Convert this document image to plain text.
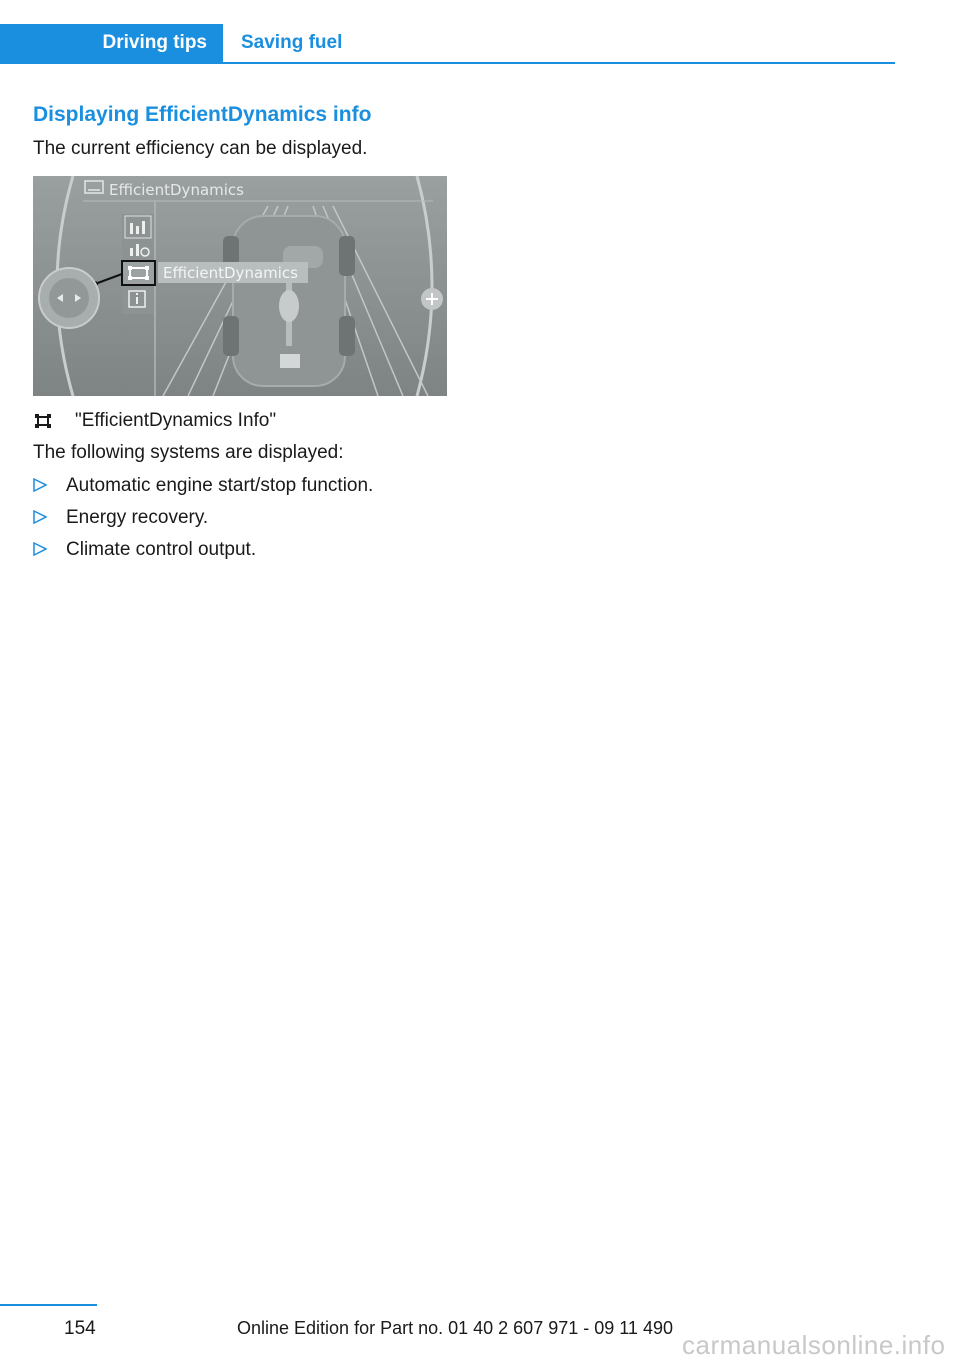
Driving tips	Saving fuel
Displaying EfficientDynamics info
The current efficiency can be displayed.
EfficientDynamics
EfficientDynamics
"EfficientDynamics Info"
The following systems are displayed:
Automatic engine start/stop function.
Energy recovery.
Climate control output.
154	Online Edition for Part no. 01 40 2 607 971 - 09 11 490
carmanualsonline.info
